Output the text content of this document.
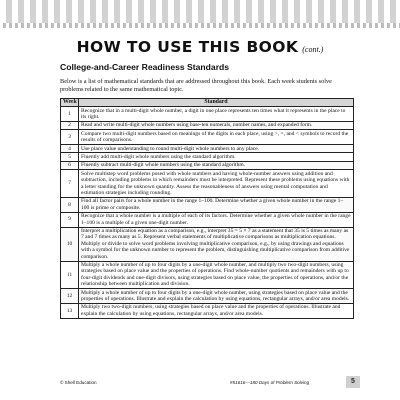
HOW TO USE THIS BOOK (cont.)
College-and-Career Readiness Standards
Below is a list of mathematical standards that are addressed throughout this book. Each week students solve problems related to the same mathematical topic.
Week	Standard
1	Recognize that in a multi-digit whole number, a digit in one place represents ten times what it represents in the place to its right.
2	Read and write multi-digit whole numbers using base-ten numerals, number names, and expanded form.
3	Compare two multi-digit numbers based on meanings of the digits in each place, using >, =, and < symbols to record the results of comparisons.
4	Use place value understanding to round multi-digit whole numbers to any place.
5	Fluently add multi-digit whole numbers using the standard algorithm.
6	Fluently subtract multi-digit whole numbers using the standard algorithm.
7	Solve multistep word problems posed with whole numbers and having whole-number answers using addition and subtraction, including problems in which remainders must be interpreted. Represent these problems using equations with a letter standing for the unknown quantity. Assess the reasonableness of answers using mental computation and estimation strategies including rounding.
8	Find all factor pairs for a whole number in the range 1–100. Determine whether a given whole number in the range 1–100 is prime or composite.
9	Recognize that a whole number is a multiple of each of its factors. Determine whether a given whole number in the range 1–100 is a multiple of a given one-digit number.
10	Interpret a multiplication equation as a comparison, e.g., interpret 35 = 5 × 7 as a statement that 35 is 5 times as many as 7 and 7 times as many as 5. Represent verbal statements of multiplicative comparisons as multiplication equations. Multiply or divide to solve word problems involving multiplicative comparison, e.g., by using drawings and equations with a symbol for the unknown number to represent the problem, distinguishing multiplicative comparison from additive comparison.
11	Multiply a whole number of up to four digits by a one-digit whole number, and multiply two two-digit numbers, using strategies based on place value and the properties of operations. Find whole-number quotients and remainders with up to four-digit dividends and one-digit divisors, using strategies based on place value, the properties of operations, and/or the relationship between multiplication and division.
12	Multiply a whole number of up to four digits by a one-digit whole number, using strategies based on place value and the properties of operations. Illustrate and explain the calculation by using equations, rectangular arrays, and/or area models.
13	Multiply two two-digit numbers, using strategies based on place value and the properties of operations. Illustrate and explain the calculation by using equations, rectangular arrays, and/or area models.
© Shell Education	#51616—180 Days of Problem Solving	5
